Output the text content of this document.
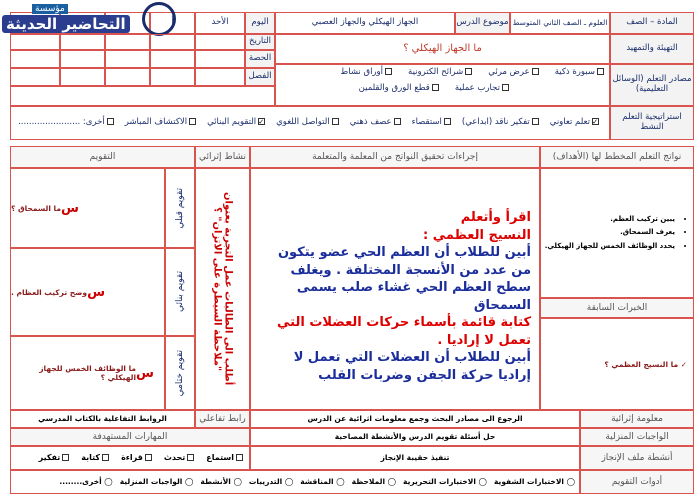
المادة – الصف
العلوم ـ الصف الثاني المتوسط
موضوع الدرس
الجهاز الهيكلي والجهاز العصبي
اليوم
الأحد
أ
مؤسسة
التحاضير الحديثة
التهيئة والتمهيد
ما الجهاز الهيكلي ؟
التاريخ
الحصة
مصادر التعلم (الوسائل التعليمية)
سبورة ذكية
عرض مرئي
شرائح الكترونية
أوراق نشاط
تجارب عملية
قطع الورق والقلمين
الفصل
استراتيجية التعلم النشط
✓تعلم تعاوني
تفكير ناقد (ابداعي)
استقصاء
عصف ذهني
التواصل اللغوي
✓التقويم البنائي
الاكتشاف المباشر
أخرى: .......................
نواتج التعلم المخطط لها (الأهداف)
إجراءات تحقيق النواتج من المعلمة والمتعلمة
نشاط إثرائي
التقويم
• يبين تركيب العظم.
• يعرف السمحاق.
• يحدد الوظائف الخمس للجهاز الهيكلي.
الخبرات السابقة
✓ ما النسيج العظمي ؟
اقرأ وأتعلم
النسيج العظمي :
أبين للطلاب أن العظم الحي عضو يتكون من عدد من الأنسجة المختلفة . ويغلف سطح العظم الحي غشاء صلب يسمى السمحاق
كتابة قائمة بأسماء حركات العضلات التي تعمل لا إراديا .
أبين للطلاب أن العضلات التي تعمل لا إراديا حركة الجفن وضربات القلب
أطلب الى الطالبات عمل التجربة بعنوان "ملاحظة السيطرة على الاتزان" ؟
تقويم قبلي
س
ما السمحاق ؟
تقويم بنائي
س
وضح تركيب العظام .
تقويم ختامي
س
ما الوظائف الخمس للجهاز الهيكلي ؟
معلومة إثرائية
الرجوع الى مصادر البحث وجمع معلومات اثرائية عن الدرس
رابط تفاعلي
الروابط التفاعلية بالكتاب المدرسي
الواجبات المنزلية
حل أسئلة تقويم الدرس والأنشطة المصاحبة
المهارات المستهدفة
أنشطة ملف الإنجاز
تنفيذ حقيبة الإنجاز
استماع
تحدث
قراءة
كتابة
تفكير
أدوات التقويم
◯ الاختبارات الشفوية
◯ الاختبارات التحريرية
◯ الملاحظة
◯ المناقشة
◯ التدريبات
◯ الأنشطة
◯ الواجبات المنزلية
◯ أخرى........
